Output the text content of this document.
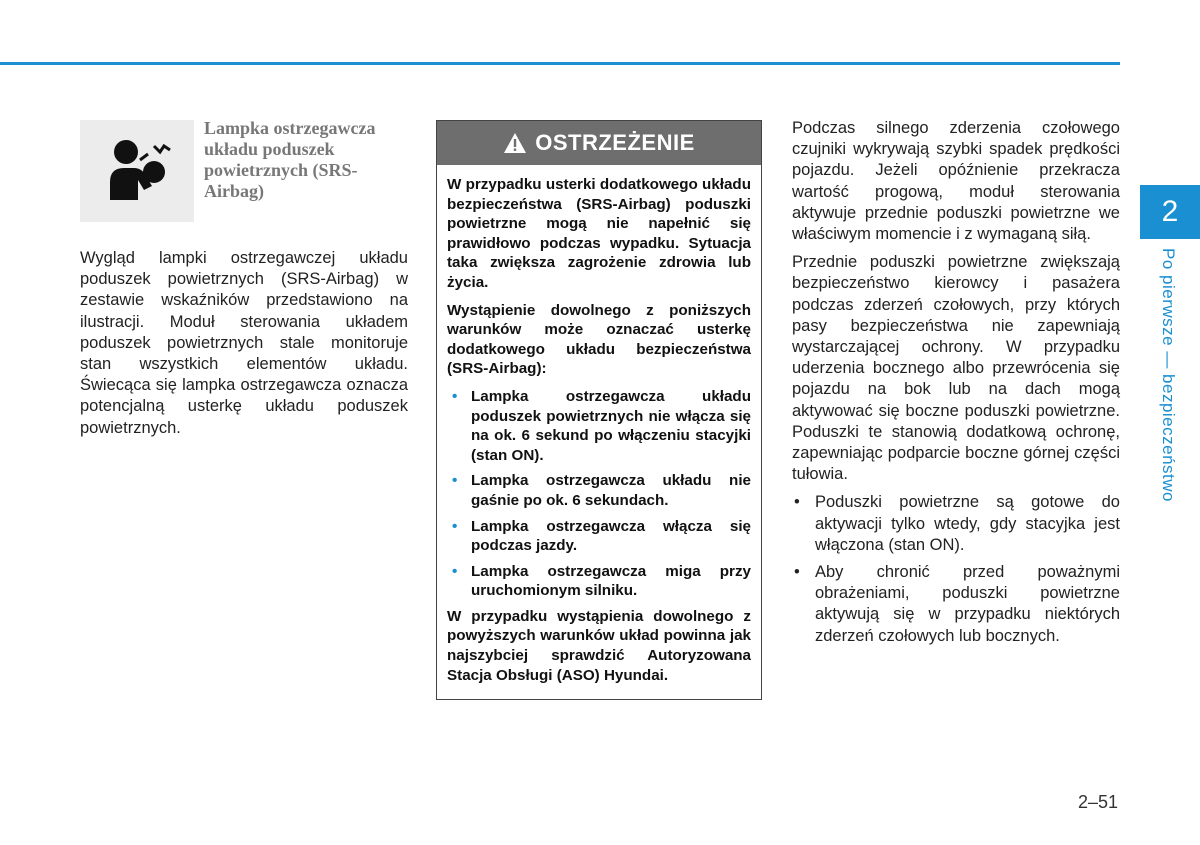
Lampka ostrzegawcza układu poduszek powietrznych (SRS-Airbag)

Wygląd lampki ostrzegawczej układu poduszek powietrznych (SRS-Airbag) w zestawie wskaźników przedstawiono na ilustracji. Moduł sterowania układem poduszek powietrznych stale monitoruje stan wszystkich elementów układu. Świecąca się lampka ostrzegawcza oznacza potencjalną usterkę układu poduszek powietrznych.

OSTRZEŻENIE

W przypadku usterki dodatkowego układu bezpieczeństwa (SRS-Airbag) poduszki powietrzne mogą nie napełnić się prawidłowo podczas wypadku. Sytuacja taka zwiększa zagrożenie zdrowia lub życia.

Wystąpienie dowolnego z poniższych warunków może oznaczać usterkę dodatkowego układu bezpieczeństwa (SRS-Airbag):

• Lampka ostrzegawcza układu poduszek powietrznych nie włącza się na ok. 6 sekund po włączeniu stacyjki (stan ON).
• Lampka ostrzegawcza układu nie gaśnie po ok. 6 sekundach.
• Lampka ostrzegawcza włącza się podczas jazdy.
• Lampka ostrzegawcza miga przy uruchomionym silniku.

W przypadku wystąpienia dowolnego z powyższych warunków układ powinna jak najszybciej sprawdzić Autoryzowana Stacja Obsługi (ASO) Hyundai.

Podczas silnego zderzenia czołowego czujniki wykrywają szybki spadek prędkości pojazdu. Jeżeli opóźnienie przekracza wartość progową, moduł sterowania aktywuje przednie poduszki powietrzne we właściwym momencie i z wymaganą siłą.

Przednie poduszki powietrzne zwiększają bezpieczeństwo kierowcy i pasażera podczas zderzeń czołowych, przy których pasy bezpieczeństwa nie zapewniają wystarczającej ochrony. W przypadku uderzenia bocznego albo przewrócenia się pojazdu na bok lub na dach mogą aktywować się boczne poduszki powietrzne. Poduszki te stanowią dodatkową ochronę, zapewniając podparcie boczne górnej części tułowia.

• Poduszki powietrzne są gotowe do aktywacji tylko wtedy, gdy stacyjka jest włączona (stan ON).
• Aby chronić przed poważnymi obrażeniami, poduszki powietrzne aktywują się w przypadku niektórych zderzeń czołowych lub bocznych.
2
Po pierwsze — bezpieczeństwo
2–51
